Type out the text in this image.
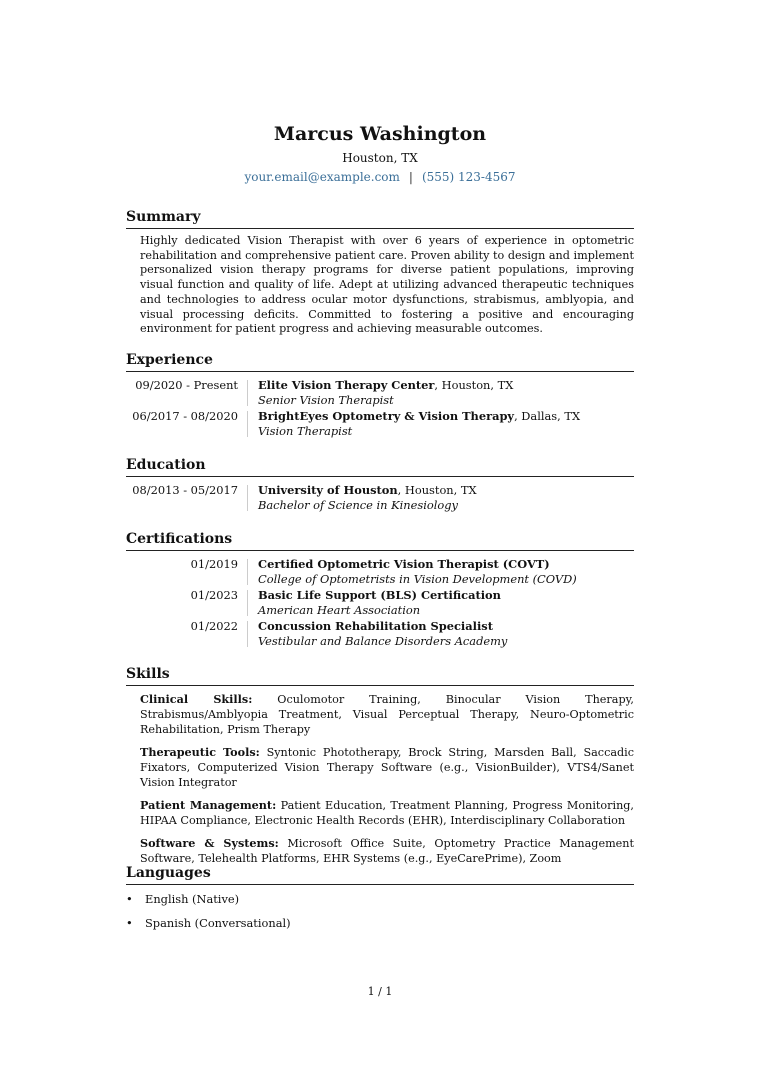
Marcus Washington
Houston, TX
your.email@example.com | (555) 123-4567
Summary
Highly dedicated Vision Therapist with over 6 years of experience in optometric rehabilitation and comprehensive patient care. Proven ability to design and implement personalized vision therapy programs for diverse patient populations, improving visual function and quality of life. Adept at utilizing advanced therapeutic techniques and technologies to address ocular motor dysfunctions, strabismus, amblyopia, and visual processing deficits. Committed to fostering a positive and encouraging environment for patient progress and achieving measurable outcomes.
Experience
09/2020 - Present Elite Vision Therapy Center, Houston, TX
Senior Vision Therapist
06/2017 - 08/2020 BrightEyes Optometry & Vision Therapy, Dallas, TX
Vision Therapist
Education
08/2013 - 05/2017 University of Houston, Houston, TX
Bachelor of Science in Kinesiology
Certifications
01/2019 Certified Optometric Vision Therapist (COVT)
College of Optometrists in Vision Development (COVD)
01/2023 Basic Life Support (BLS) Certification
American Heart Association
01/2022 Concussion Rehabilitation Specialist
Vestibular and Balance Disorders Academy
Skills
Clinical Skills: Oculomotor Training, Binocular Vision Therapy, Strabismus/Amblyopia Treatment, Visual Perceptual Therapy, Neuro-Optometric Rehabilitation, Prism Therapy
Therapeutic Tools: Syntonic Phototherapy, Brock String, Marsden Ball, Saccadic Fixators, Computerized Vision Therapy Software (e.g., VisionBuilder), VTS4/Sanet Vision Integrator
Patient Management: Patient Education, Treatment Planning, Progress Monitoring, HIPAA Compliance, Electronic Health Records (EHR), Interdisciplinary Collaboration
Software & Systems: Microsoft Office Suite, Optometry Practice Management Software, Telehealth Platforms, EHR Systems (e.g., EyeCarePrime), Zoom
Languages
• English (Native)
• Spanish (Conversational)
1 / 1
